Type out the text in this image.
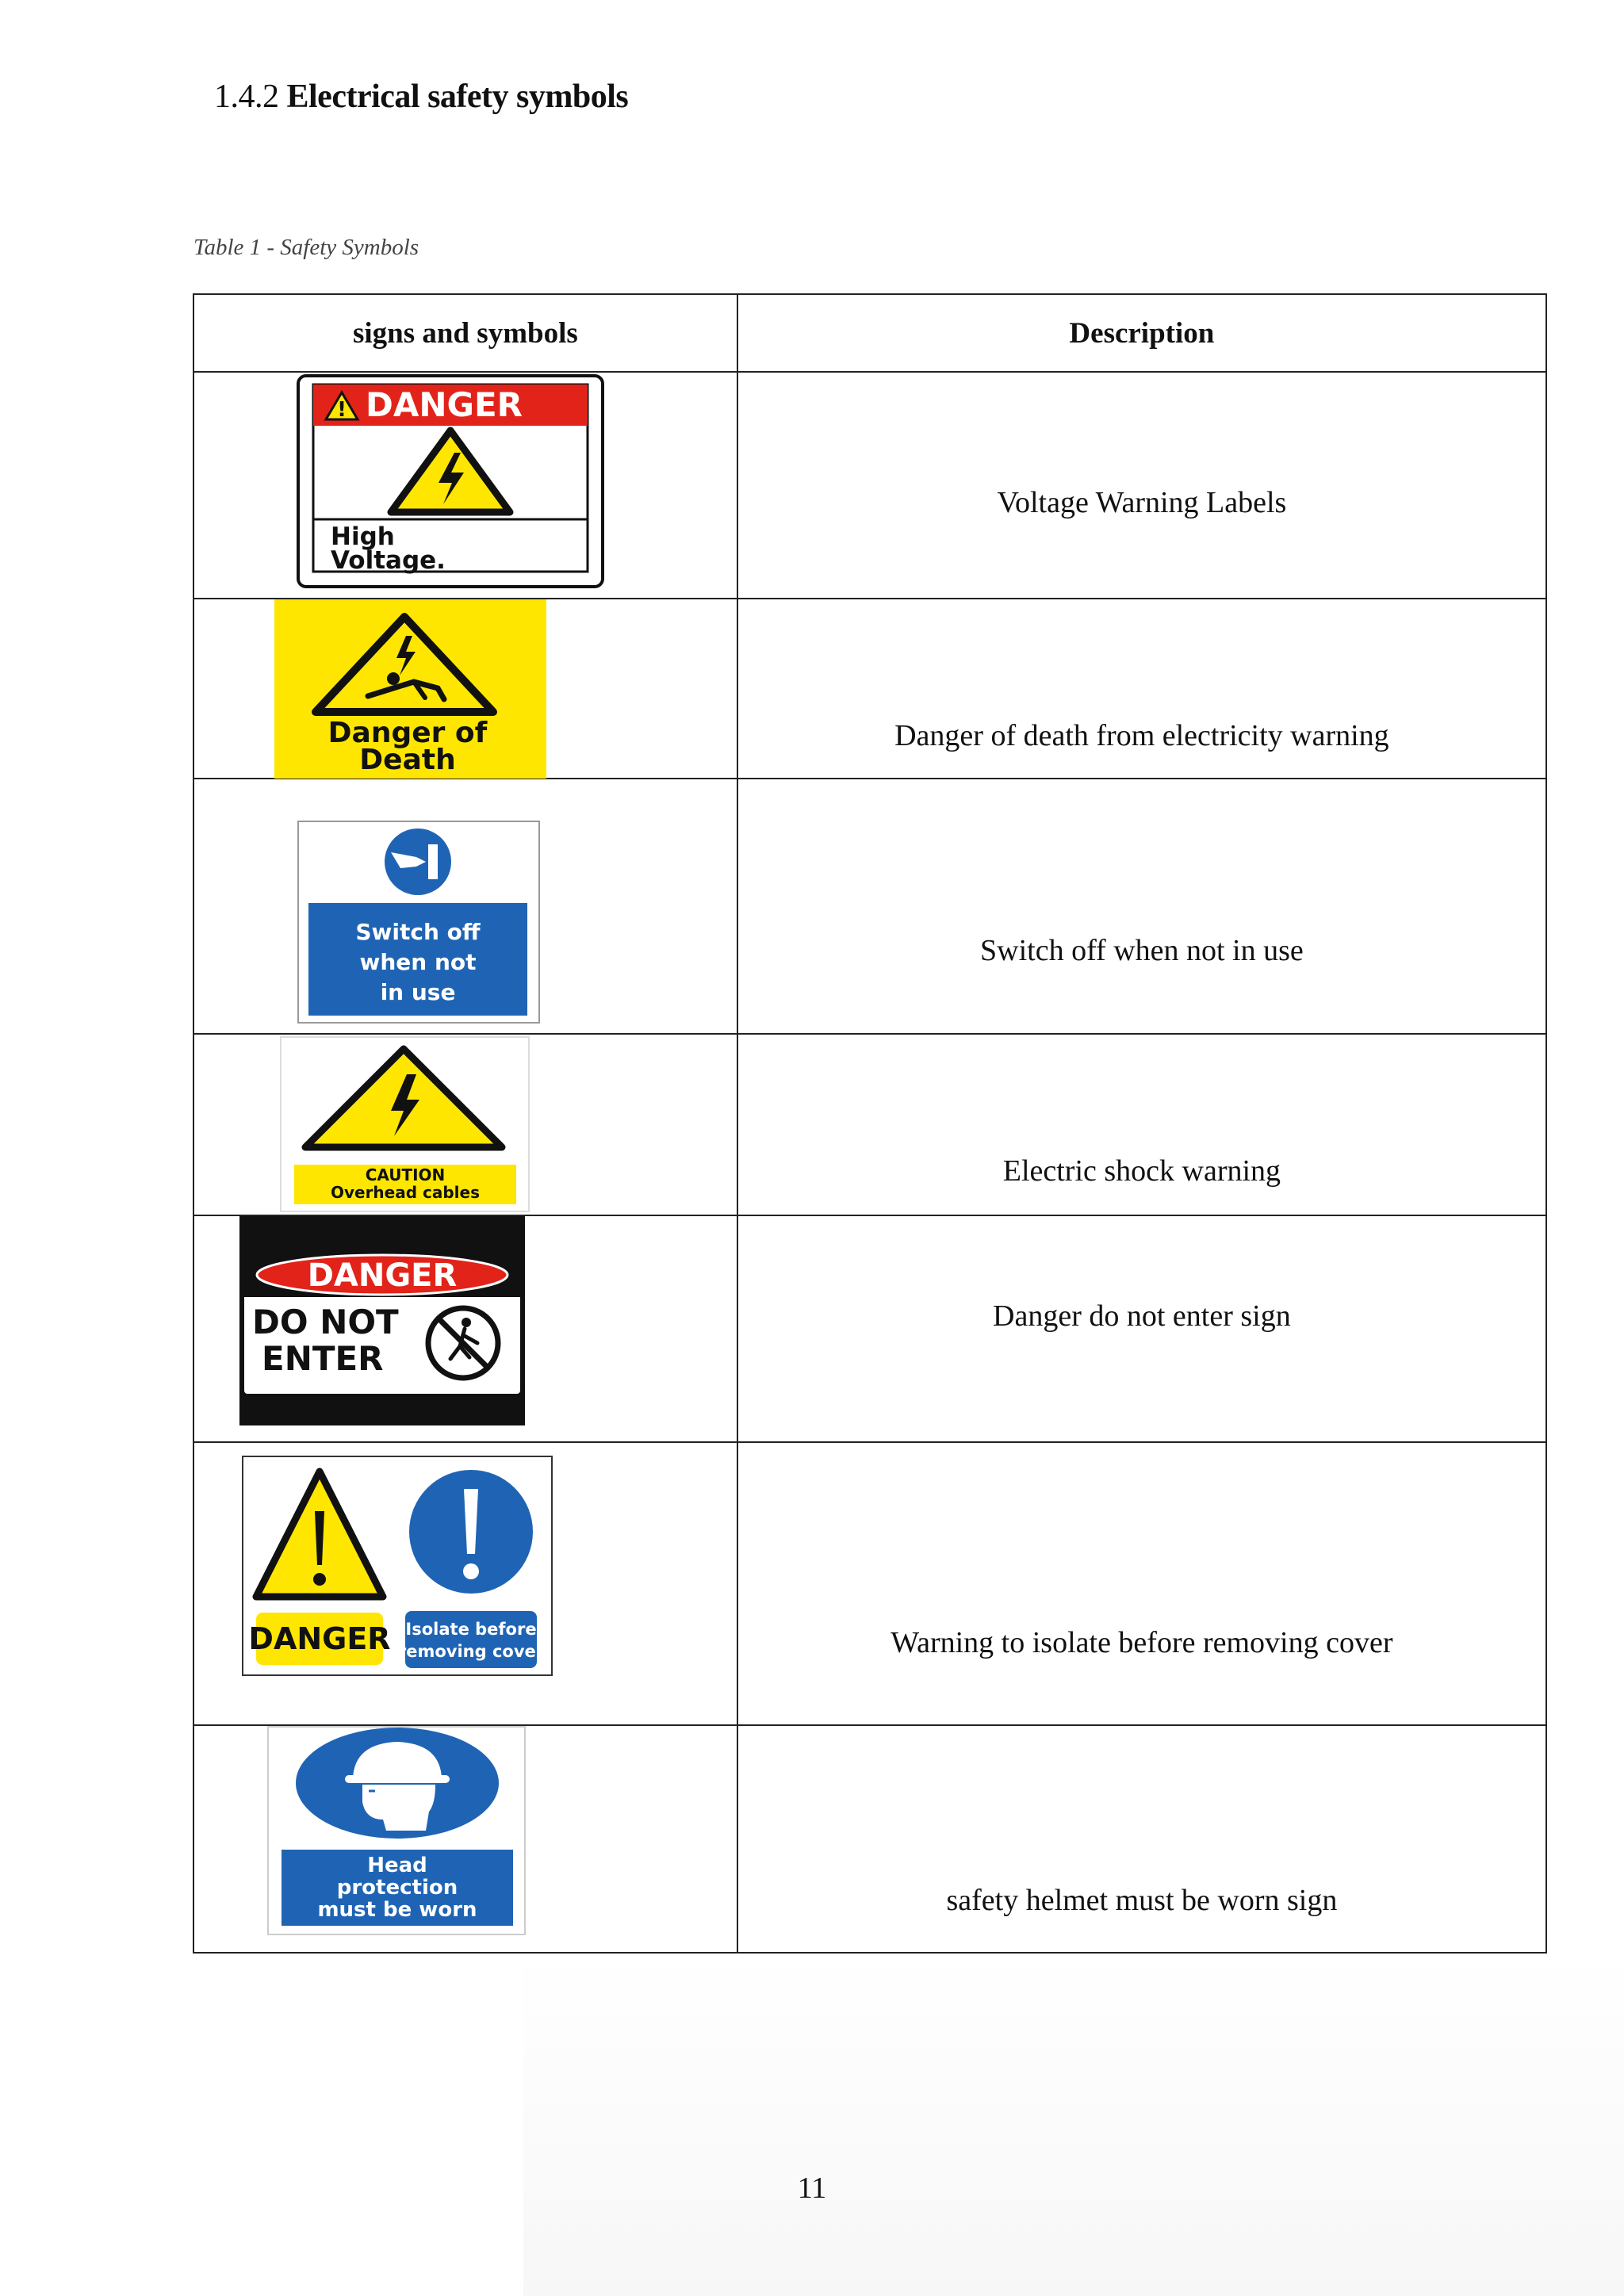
1.4.2 Electrical safety symbols
Table 1 - Safety Symbols
signs and symbols	Description

! DANGER
High
Voltage.	Voltage Warning Labels

Danger of
Death	Danger of death from electricity warning

Switch off
when not
in use	Switch off when not in use

CAUTION
Overhead cables	Electric shock warning

DANGER
DO NOT
ENTER	Danger do not enter sign

DANGER Isolate before
removing cover	Warning to isolate before removing cover

Head
protection
must be worn	safety helmet must be worn sign
11
